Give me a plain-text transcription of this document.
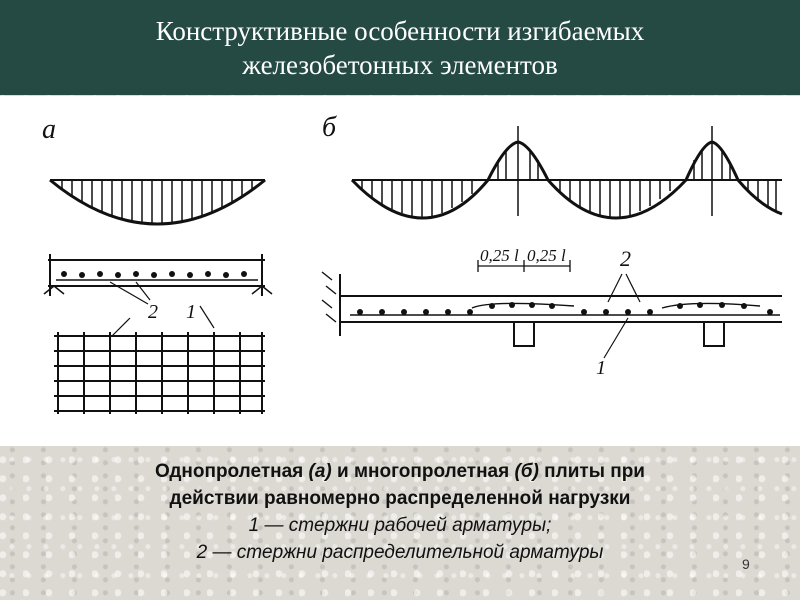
Конструктивные особенности изгибаемых
железобетонных элементов
а
2 1
б
0,25 l 0,25 l 2
1
Однопролетная (а) и многопролетная (б) плиты при
действии равномерно распределенной нагрузки
1 — стержни рабочей арматуры;
2 — стержни распределительной арматуры
9
